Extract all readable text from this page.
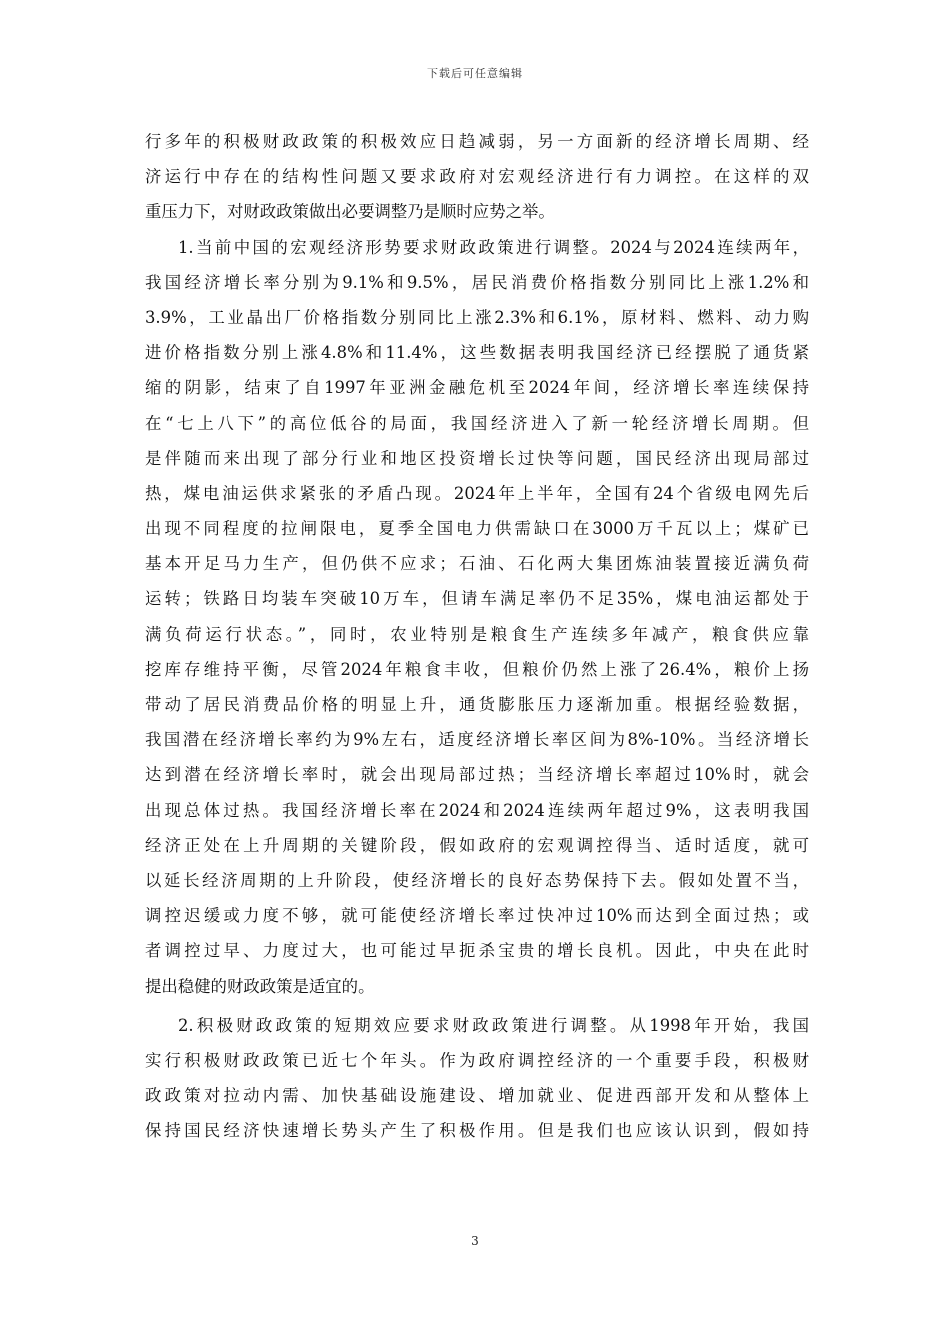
下载后可任意编辑
行多年的积极财政政策的积极效应日趋减弱，另一方面新的经济增长周期、经
济运行中存在的结构性问题又要求政府对宏观经济进行有力调控。在这样的双
重压力下，对财政政策做出必要调整乃是顺时应势之举。
1.当前中国的宏观经济形势要求财政政策进行调整。2024与2024连续两年，
我国经济增长率分别为9.1%和9.5%，居民消费价格指数分别同比上涨1.2%和
3.9%，工业晶出厂价格指数分别同比上涨2.3%和6.1%，原材料、燃料、动力购
进价格指数分别上涨4.8%和11.4%，这些数据表明我国经济已经摆脱了通货紧
缩的阴影，结束了自1997年亚洲金融危机至2024年间，经济增长率连续保持
在“七上八下”的高位低谷的局面，我国经济进入了新一轮经济增长周期。但
是伴随而来出现了部分行业和地区投资增长过快等问题，国民经济出现局部过
热，煤电油运供求紧张的矛盾凸现。2024年上半年，全国有24个省级电网先后
出现不同程度的拉闸限电，夏季全国电力供需缺口在3000万千瓦以上；煤矿已
基本开足马力生产，但仍供不应求；石油、石化两大集团炼油装置接近满负荷
运转；铁路日均装车突破10万车，但请车满足率仍不足35%，煤电油运都处于
满负荷运行状态。”，同时，农业特别是粮食生产连续多年减产，粮食供应靠
挖库存维持平衡，尽管2024年粮食丰收，但粮价仍然上涨了26.4%，粮价上扬
带动了居民消费品价格的明显上升，通货膨胀压力逐渐加重。根据经验数据，
我国潜在经济增长率约为9%左右，适度经济增长率区间为8%-10%。当经济增长
达到潜在经济增长率时，就会出现局部过热；当经济增长率超过10%时，就会
出现总体过热。我国经济增长率在2024和2024连续两年超过9%，这表明我国
经济正处在上升周期的关键阶段，假如政府的宏观调控得当、适时适度，就可
以延长经济周期的上升阶段，使经济增长的良好态势保持下去。假如处置不当，
调控迟缓或力度不够，就可能使经济增长率过快冲过10%而达到全面过热；或
者调控过早、力度过大，也可能过早扼杀宝贵的增长良机。因此，中央在此时
提出稳健的财政政策是适宜的。
2.积极财政政策的短期效应要求财政政策进行调整。从1998年开始，我国
实行积极财政政策已近七个年头。作为政府调控经济的一个重要手段，积极财
政政策对拉动内需、加快基础设施建设、增加就业、促进西部开发和从整体上
保持国民经济快速增长势头产生了积极作用。但是我们也应该认识到，假如持
3
